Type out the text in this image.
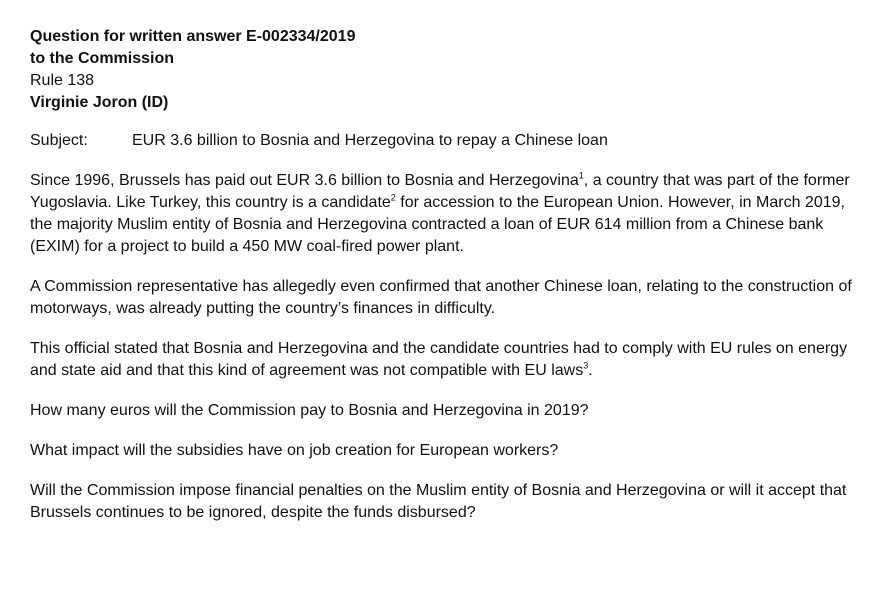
Question for written answer E-002334/2019
to the Commission
Rule 138
Virginie Joron (ID)
Subject:	EUR 3.6 billion to Bosnia and Herzegovina to repay a Chinese loan

Since 1996, Brussels has paid out EUR 3.6 billion to Bosnia and Herzegovina$^1$, a country that was part of the former Yugoslavia. Like Turkey, this country is a candidate$^2$ for accession to the European Union. However, in March 2019, the majority Muslim entity of Bosnia and Herzegovina contracted a loan of EUR 614 million from a Chinese bank (EXIM) for a project to build a 450 MW coal-fired power plant.

A Commission representative has allegedly even confirmed that another Chinese loan, relating to the construction of motorways, was already putting the country’s finances in difficulty.

This official stated that Bosnia and Herzegovina and the candidate countries had to comply with EU rules on energy and state aid and that this kind of agreement was not compatible with EU laws$^3$.

How many euros will the Commission pay to Bosnia and Herzegovina in 2019?

What impact will the subsidies have on job creation for European workers?

Will the Commission impose financial penalties on the Muslim entity of Bosnia and Herzegovina or will it accept that Brussels continues to be ignored, despite the funds disbursed?
